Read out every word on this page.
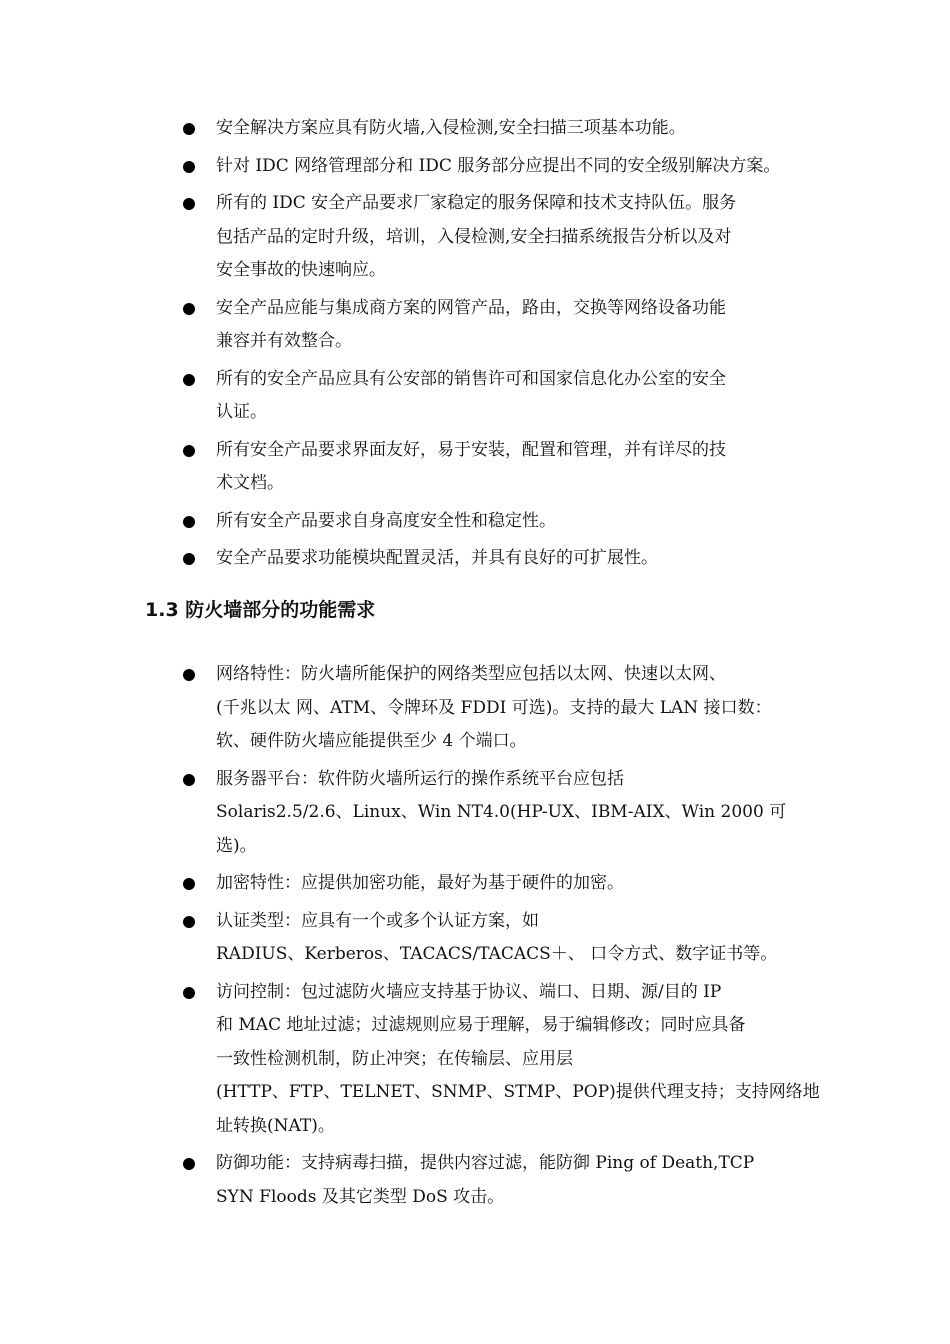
安全解决方案应具有防火墙,入侵检测,安全扫描三项基本功能。
针对 IDC 网络管理部分和 IDC 服务部分应提出不同的安全级别解决方案。
所有的 IDC 安全产品要求厂家稳定的服务保障和技术支持队伍。服务
包括产品的定时升级，培训，入侵检测,安全扫描系统报告分析以及对
安全事故的快速响应。
安全产品应能与集成商方案的网管产品，路由，交换等网络设备功能
兼容并有效整合。
所有的安全产品应具有公安部的销售许可和国家信息化办公室的安全
认证。
所有安全产品要求界面友好，易于安装，配置和管理，并有详尽的技
术文档。
所有安全产品要求自身高度安全性和稳定性。
安全产品要求功能模块配置灵活，并具有良好的可扩展性。
1.3 防火墙部分的功能需求
网络特性：防火墙所能保护的网络类型应包括以太网、快速以太网、
(千兆以太 网、ATM、令牌环及 FDDI 可选)。支持的最大 LAN 接口数：
软、硬件防火墙应能提供至少 4 个端口。
服务器平台：软件防火墙所运行的操作系统平台应包括
Solaris2.5/2.6、Linux、Win NT4.0(HP-UX、IBM-AIX、Win 2000 可
选)。
加密特性：应提供加密功能，最好为基于硬件的加密。
认证类型：应具有一个或多个认证方案，如
RADIUS、Kerberos、TACACS/TACACS＋、 口令方式、数字证书等。
访问控制：包过滤防火墙应支持基于协议、端口、日期、源/目的 IP
和 MAC 地址过滤；过滤规则应易于理解，易于编辑修改；同时应具备
一致性检测机制，防止冲突；在传输层、应用层
(HTTP、FTP、TELNET、SNMP、STMP、POP)提供代理支持；支持网络地
址转换(NAT)。
防御功能：支持病毒扫描，提供内容过滤，能防御 Ping of Death,TCP
SYN Floods 及其它类型 DoS 攻击。
